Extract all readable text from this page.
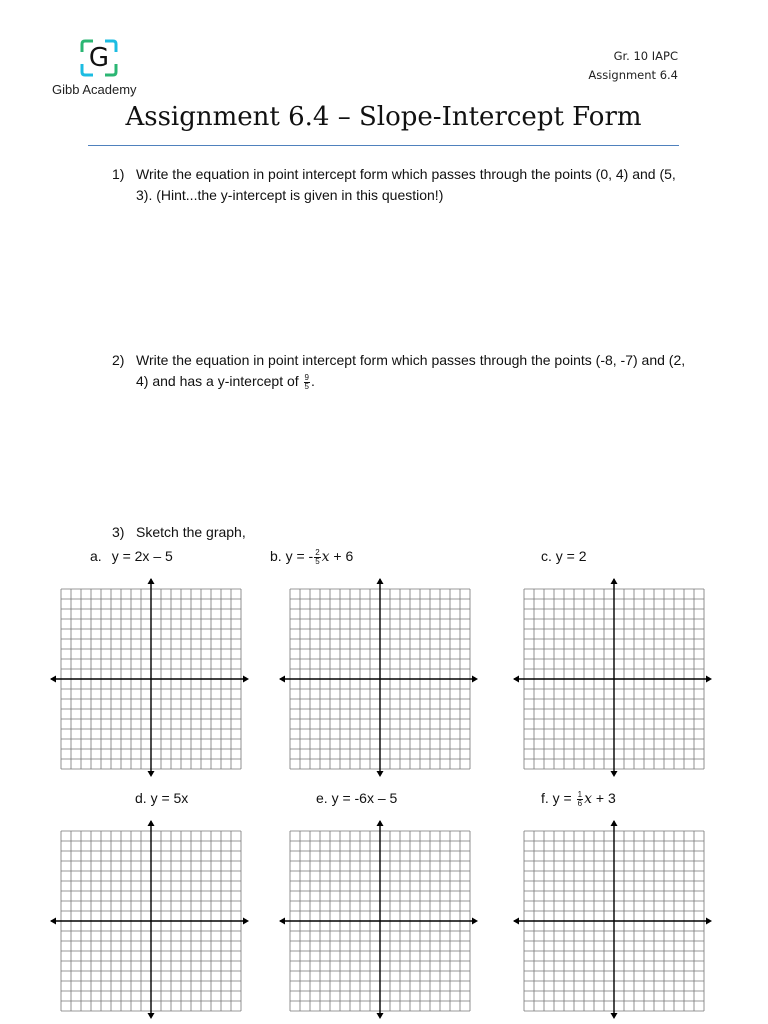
G
Gibb Academy
Gr. 10 IAPC
Assignment 6.4
Assignment 6.4 – Slope-Intercept Form
1) Write the equation in point intercept form which passes through the points (0, 4) and (5, 3). (Hint...the y-intercept is given in this question!)
2) Write the equation in point intercept form which passes through the points (-8, -7) and (2, 4) and has a y-intercept of $\frac{9}{5}$ .
3) Sketch the graph,
a. y = 2x – 5	b. y = - $\frac{2}{5}$ x + 6	c. y = 2
d. y = 5x	e. y = -6x – 5	f. $y = \frac{1}{6}$ x + 3
